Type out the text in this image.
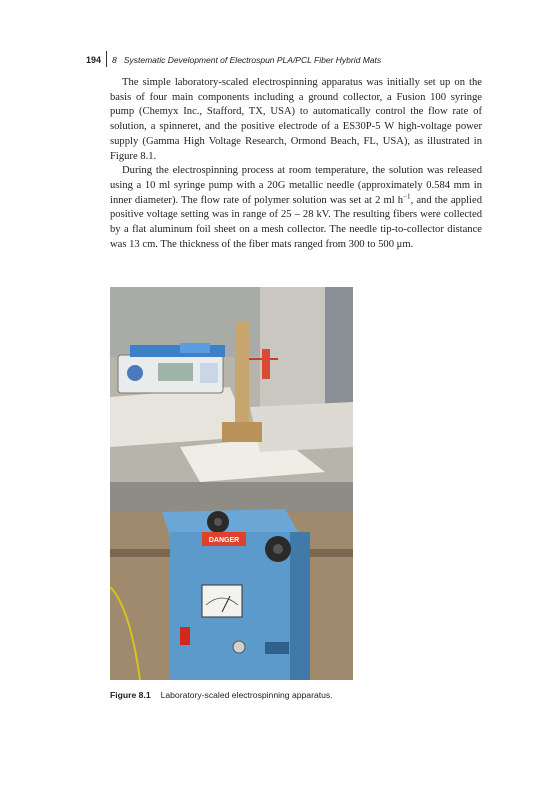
194 8   Systematic Development of Electrospun PLA/PCL Fiber Hybrid Mats

The simple laboratory-scaled electrospinning apparatus was initially set up on the basis of four main components including a ground collector, a Fusion 100 syringe pump (Chemyx Inc., Stafford, TX, USA) to automatically control the flow rate of solution, a spinneret, and the positive electrode of a ES30P-5 W high-voltage power supply (Gamma High Voltage Research, Ormond Beach, FL, USA), as illustrated in Figure 8.1.

During the electrospinning process at room temperature, the solution was released using a 10 ml syringe pump with a 20G metallic needle (approximately 0.584 mm in inner diameter). The flow rate of polymer solution was set at 2 ml $h^{-1}$, and the applied positive voltage setting was in range of 25 – 28 kV. The resulting fibers were collected by a flat aluminum foil sheet on a mesh collector. The needle tip-to-collector distance was 13 cm. The thickness of the fiber mats ranged from 300 to 500 μm.

DANGER
Figure 8.1 Laboratory-scaled electrospinning apparatus.
